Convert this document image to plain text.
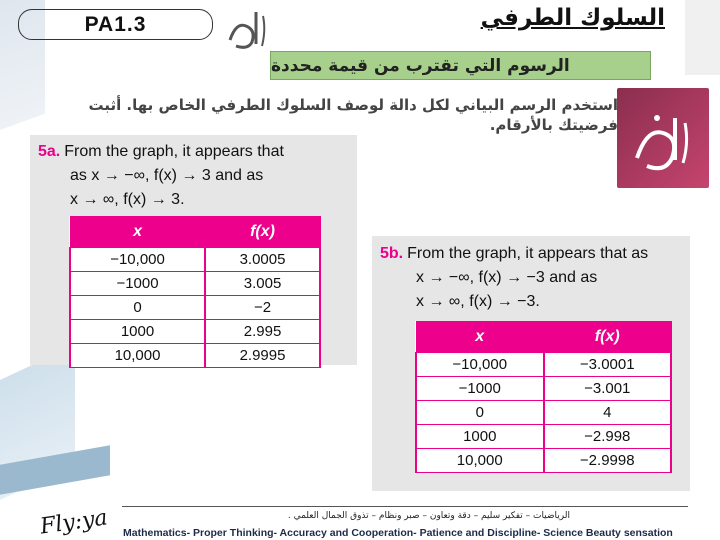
PA1.3	السلوك الطرفي
الرسوم التي تقترب من قيمة محددة
استخدم الرسم البياني لكل دالة لوصف السلوك الطرفي الخاص بها. أثبت فرضيتك بالأرقام.
5a. From the graph, it appears that
as x → −∞, f(x) → 3 and as
x → ∞, f(x) → 3.
x	f(x)
−10,000	3.0005
−1000	3.005
0	−2
1000	2.995
10,000	2.9995
5b. From the graph, it appears that as
x → −∞, f(x) → −3 and as
x → ∞, f(x) → −3.
x	f(x)
−10,000	−3.0001
−1000	−3.001
0	4
1000	−2.998
10,000	−2.9998
الرياضيات – تفكير سليم – دقة وتعاون – صبر ونظام – تذوق الجمال العلمي .
Mathematics- Proper Thinking- Accuracy and Cooperation- Patience and Discipline- Science Beauty sensation
Fly:ya
